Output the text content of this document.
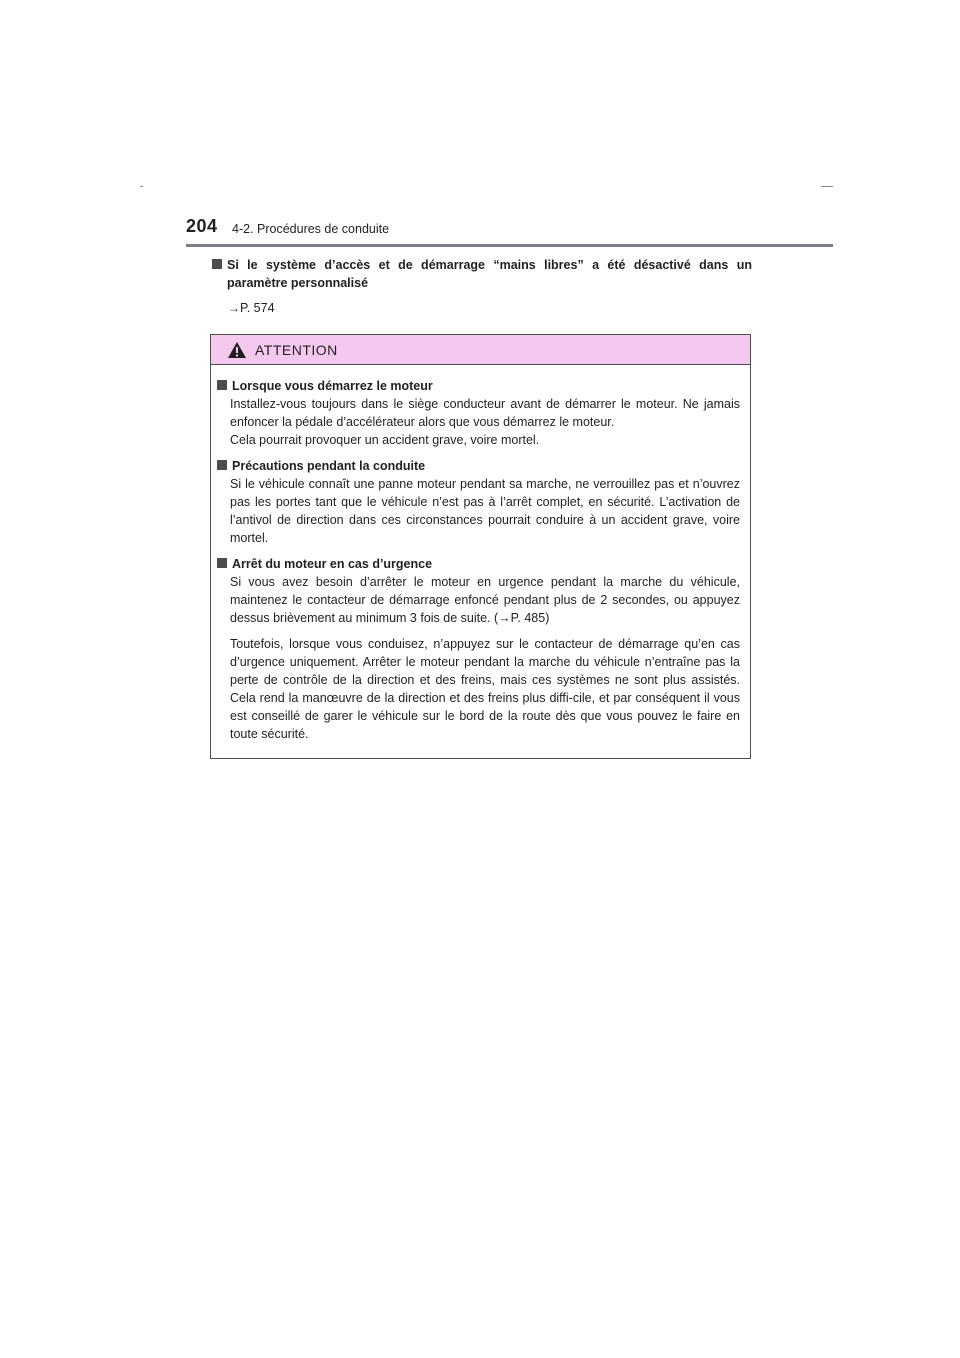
204 4-2. Procédures de conduite
Si le système d’accès et de démarrage “mains libres” a été désactivé dans un paramètre personnalisé
→P. 574
ATTENTION
Lorsque vous démarrez le moteur
Installez-vous toujours dans le siège conducteur avant de démarrer le moteur. Ne jamais enfoncer la pédale d’accélérateur alors que vous démarrez le moteur.
Cela pourrait provoquer un accident grave, voire mortel.
Précautions pendant la conduite
Si le véhicule connaît une panne moteur pendant sa marche, ne verrouillez pas et n’ouvrez pas les portes tant que le véhicule n’est pas à l’arrêt complet, en sécurité. L’activation de l’antivol de direction dans ces circonstances pourrait conduire à un accident grave, voire mortel.
Arrêt du moteur en cas d’urgence
Si vous avez besoin d’arrêter le moteur en urgence pendant la marche du véhicule, maintenez le contacteur de démarrage enfoncé pendant plus de 2 secondes, ou appuyez dessus brièvement au minimum 3 fois de suite. (→P. 485)
Toutefois, lorsque vous conduisez, n’appuyez sur le contacteur de démarrage qu’en cas d’urgence uniquement. Arrêter le moteur pendant la marche du véhicule n’entraîne pas la perte de contrôle de la direction et des freins, mais ces systèmes ne sont plus assistés. Cela rend la manœuvre de la direction et des freins plus diffi-cile, et par conséquent il vous est conseillé de garer le véhicule sur le bord de la route dès que vous pouvez le faire en toute sécurité.
